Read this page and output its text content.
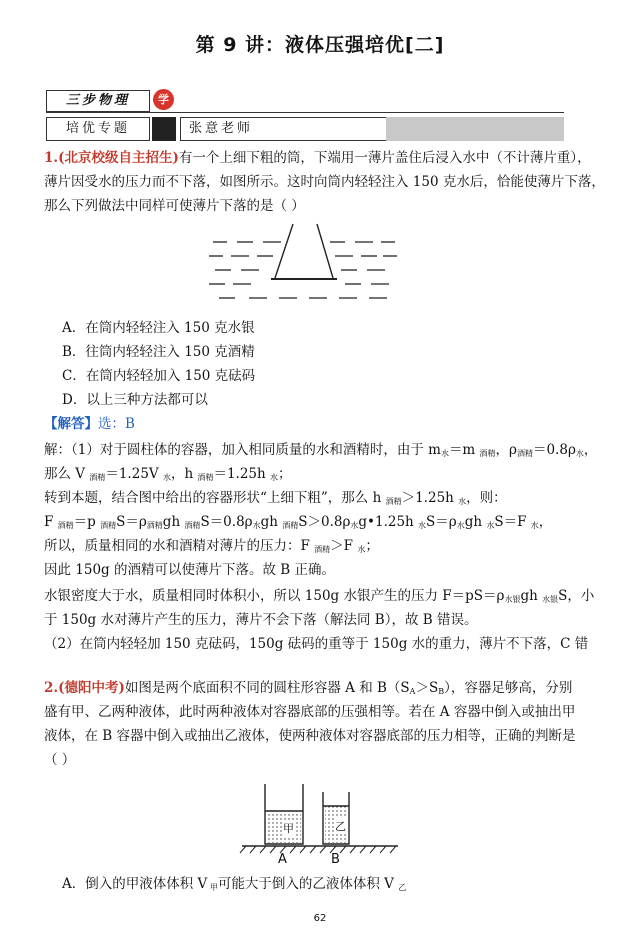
第 9 讲：液体压强培优[二]
三步物理	学
培优专题	张意老师
1.(北京校级自主招生)有一个上细下粗的筒，下端用一薄片盖住后浸入水中（不计薄片重），
薄片因受水的压力而不下落，如图所示。这时向筒内轻轻注入 150 克水后，恰能使薄片下落，
那么下列做法中同样可使薄片下落的是（ ）
A．在筒内轻轻注入 150 克水银
B．往筒内轻轻注入 150 克酒精
C．在筒内轻轻加入 150 克砝码
D．以上三种方法都可以
【解答】选：B
解：（1）对于圆柱体的容器，加入相同质量的水和酒精时，由于 $m_水=m$ $_{酒精}$，$\rho_{酒精}=0.8\rho_水$，
那么 V $_{酒精}$＝1.25V $_水$，h $_{酒精}$＝1.25h $_水$；
转到本题，结合图中给出的容器形状“上细下粗”，那么 h $_{酒精}$＞1.25h $_水$，则：
F $_{酒精}$＝p $_{酒精}S=\rho_{酒精}gh$ $_{酒精}S=0.8\rho_水gh$ $_{酒精}S>0.8\rho_水g•1.25h$ $_水S=\rho_水gh$ $_水$S＝F $_水$，
所以，质量相同的水和酒精对薄片的压力：F $_{酒精}$＞F $_水$；
因此 150g 的酒精可以使薄片下落。故 B 正确。
水银密度大于水，质量相同时体积小，所以 150g 水银产生的压力 $F=pS=\rho_{水银}gh$ $_{水银}$S，小
于 150g 水对薄片产生的压力，薄片不会下落（解法同 B），故 B 错误。
（2）在筒内轻轻加 150 克砝码，150g 砝码的重等于 150g 水的重力，薄片不下落，C 错
2.(德阳中考)如图是两个底面积不同的圆柱形容器 A 和 $B(S_A>S_B)$，容器足够高，分别
盛有甲、乙两种液体，此时两种液体对容器底部的压强相等。若在 A 容器中倒入或抽出甲
液体，在 B 容器中倒入或抽出乙液体，使两种液体对容器底部的压力相等，正确的判断是
（ ）
甲	乙
A	B
A．倒入的甲液体体积 V $_甲$可能大于倒入的乙液体体积 V $_乙$
62
